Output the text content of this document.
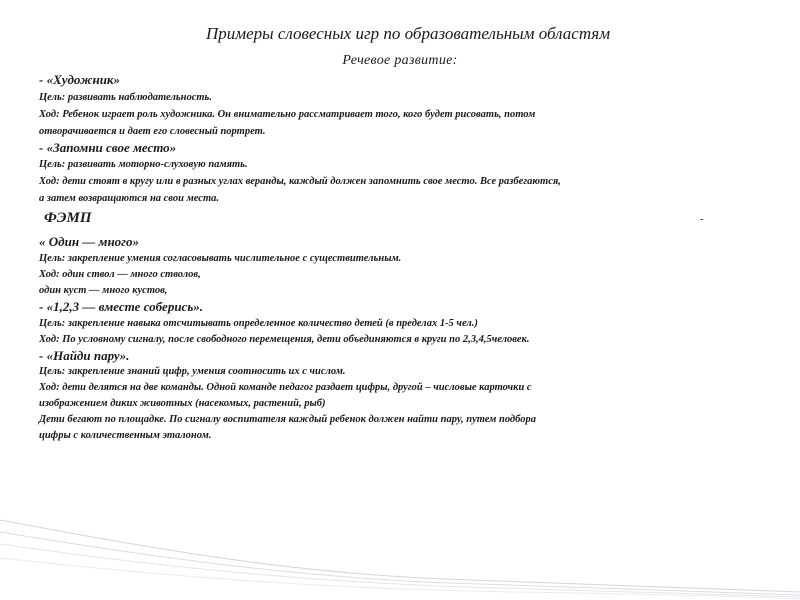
Примеры словесных игр по образовательным областям
Речевое развитие:
- «Художник»
Цель: развивать наблюдательность.
Ход: Ребенок играет роль художника. Он внимательно рассматривает того, кого будет рисовать, потом
отворачивается и дает его словесный портрет.
- «Запомни свое место»
Цель: развивать моторно-слуховую память.
Ход: дети стоят в кругу или в разных углах веранды, каждый должен запомнить свое место. Все разбегаются,
а затем возвращаются на свои места.
ФЭМП	-
« Один — много»
Цель: закрепление умения согласовывать числительное с существительным.
Ход: один ствол — много стволов,
один куст — много кустов,
- «1,2,3 — вместе соберись».
Цель: закрепление навыка отсчитывать определенное количество детей (в пределах 1-5 чел.)
Ход: По условному сигналу, после свободного перемещения, дети объединяются в круги по 2,3,4,5человек.
- «Найди пару».
Цель: закрепление знаний цифр, умения соотносить их с числом.
Ход: дети делятся на две команды. Одной команде педагог раздает цифры, другой – числовые карточки с
изображением диких животных (насекомых, растений, рыб)
Дети бегают по площадке. По сигналу воспитателя каждый ребенок должен найти пару, путем подбора
цифры с количественным эталоном.
